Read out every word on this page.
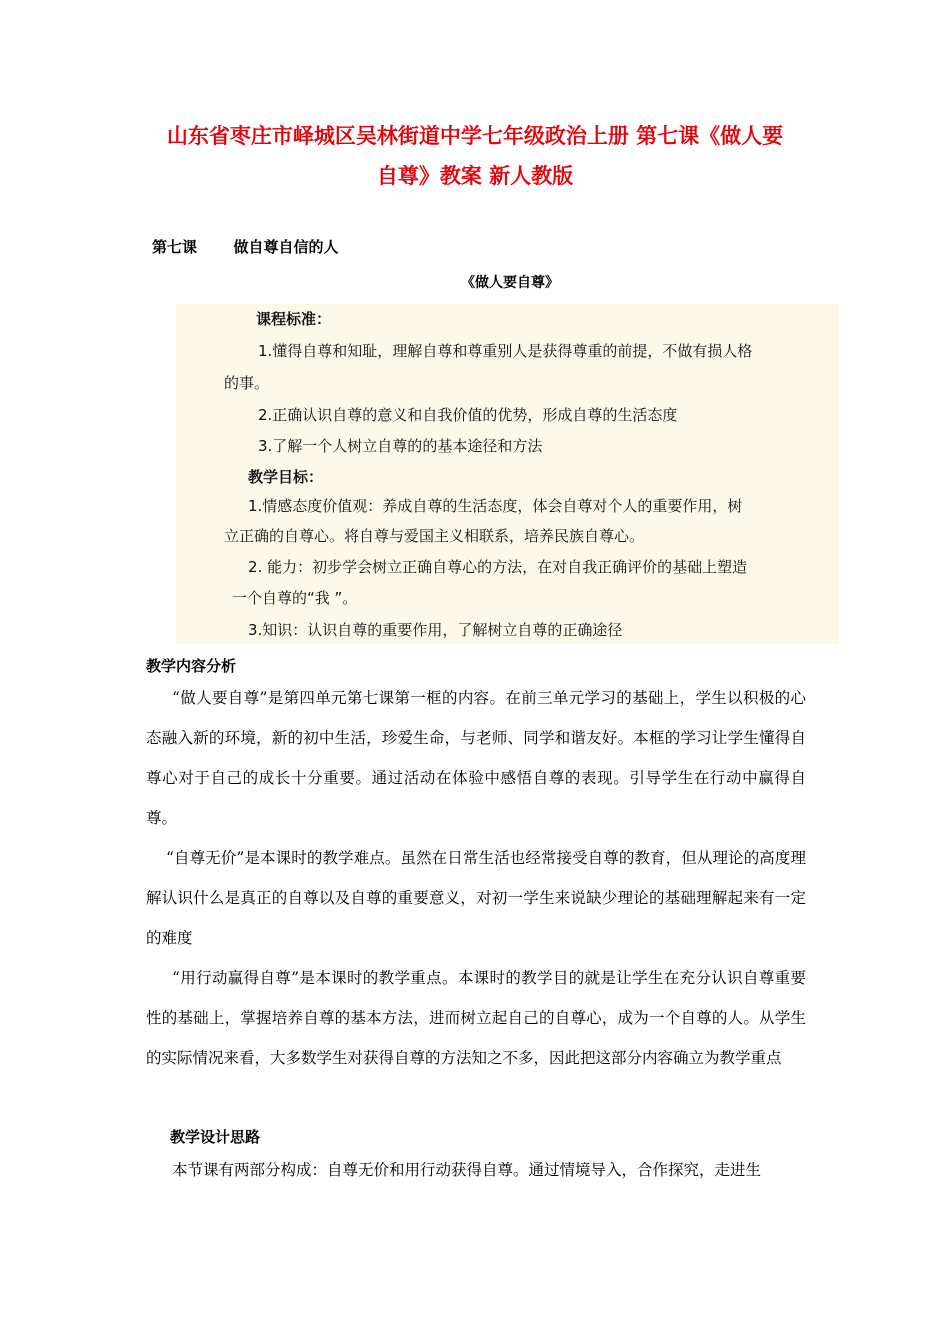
山东省枣庄市峄城区吴林街道中学七年级政治上册 第七课《做人要
自尊》教案 新人教版
第七课 做自尊自信的人
《做人要自尊》
课程标准：
1.懂得自尊和知耻，理解自尊和尊重别人是获得尊重的前提，不做有损人格
的事。
2.正确认识自尊的意义和自我价值的优势，形成自尊的生活态度
3.了解一个人树立自尊的的基本途径和方法
教学目标：
1.情感态度价值观：养成自尊的生活态度，体会自尊对个人的重要作用，树
立正确的自尊心。将自尊与爱国主义相联系，培养民族自尊心。
2. 能力：初步学会树立正确自尊心的方法，在对自我正确评价的基础上塑造
一个自尊的“我 ”。
3.知识：认识自尊的重要作用，了解树立自尊的正确途径
教学内容分析
“做人要自尊”是第四单元第七课第一框的内容。在前三单元学习的基础上，学生以积极的心态融入新的环境，新的初中生活，珍爱生命，与老师、同学和谐友好。本框的学习让学生懂得自尊心对于自己的成长十分重要。通过活动在体验中感悟自尊的表现。引导学生在行动中赢得自尊。
“自尊无价”是本课时的教学难点。虽然在日常生活也经常接受自尊的教育，但从理论的高度理解认识什么是真正的自尊以及自尊的重要意义，对初一学生来说缺少理论的基础理解起来有一定的难度
“用行动赢得自尊”是本课时的教学重点。本课时的教学目的就是让学生在充分认识自尊重要性的基础上，掌握培养自尊的基本方法，进而树立起自己的自尊心，成为一个自尊的人。从学生的实际情况来看，大多数学生对获得自尊的方法知之不多，因此把这部分内容确立为教学重点
教学设计思路
本节课有两部分构成：自尊无价和用行动获得自尊。通过情境导入，合作探究，走进生
